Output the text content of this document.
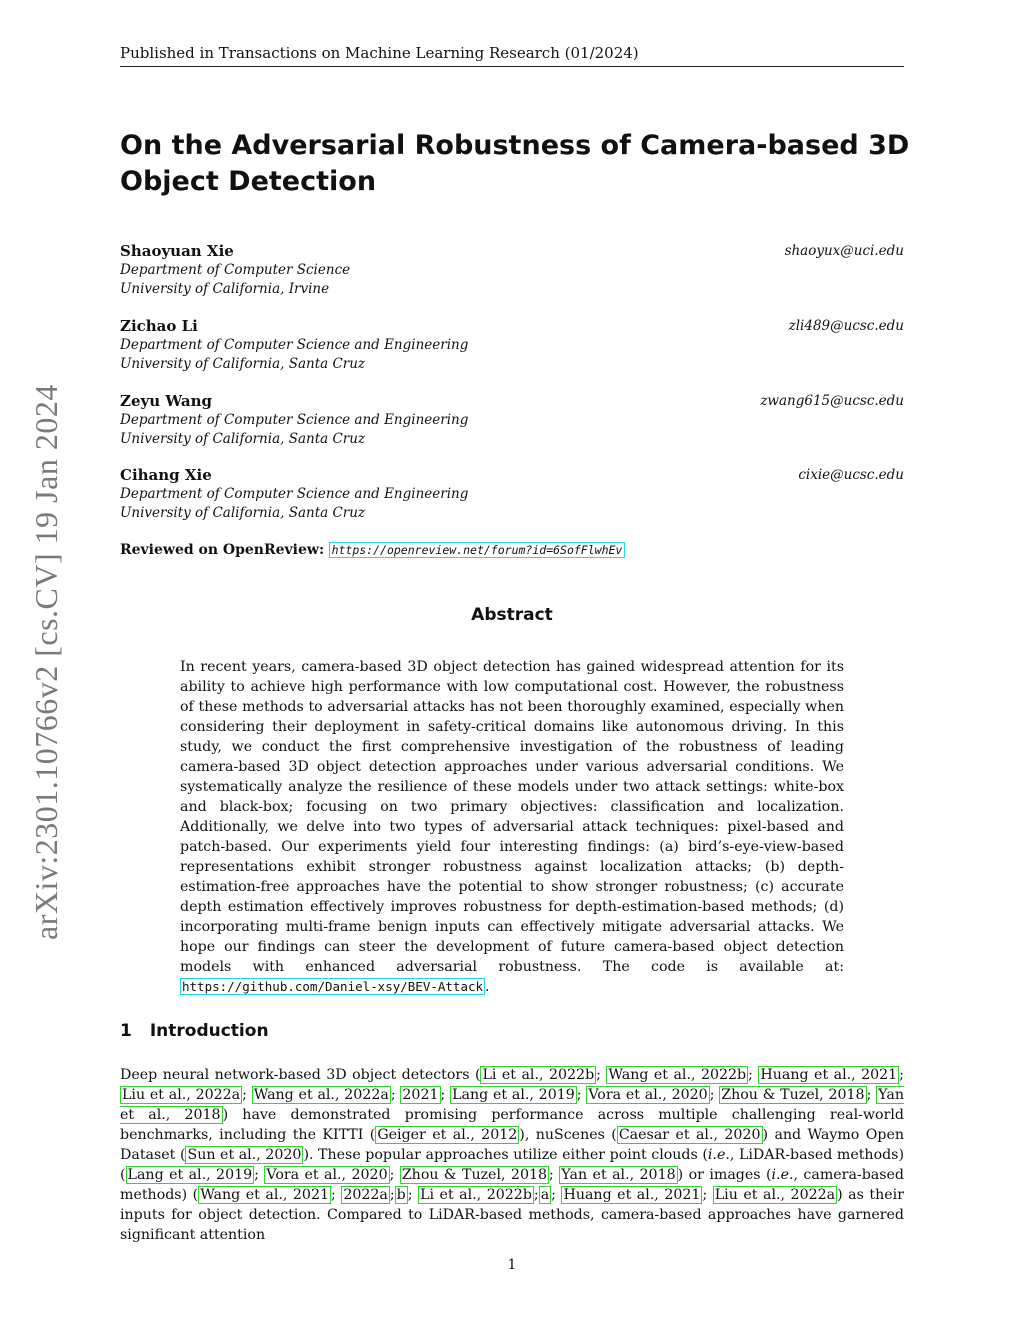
Published in Transactions on Machine Learning Research (01/2024)
arXiv:2301.10766v2 [cs.CV] 19 Jan 2024
On the Adversarial Robustness of Camera-based 3D Object Detection
Shaoyuan Xie	shaoyux@uci.edu
Department of Computer Science
University of California, Irvine
Zichao Li	zli489@ucsc.edu
Department of Computer Science and Engineering
University of California, Santa Cruz
Zeyu Wang	zwang615@ucsc.edu
Department of Computer Science and Engineering
University of California, Santa Cruz
Cihang Xie	cixie@ucsc.edu
Department of Computer Science and Engineering
University of California, Santa Cruz
Reviewed on OpenReview: https://openreview.net/forum?id=6SofFlwhEv
Abstract

In recent years, camera-based 3D object detection has gained widespread attention for its ability to achieve high performance with low computational cost. However, the robustness of these methods to adversarial attacks has not been thoroughly examined, especially when considering their deployment in safety-critical domains like autonomous driving. In this study, we conduct the first comprehensive investigation of the robustness of leading camera-based 3D object detection approaches under various adversarial conditions. We systematically analyze the resilience of these models under two attack settings: white-box and black-box; focusing on two primary objectives: classification and localization. Additionally, we delve into two types of adversarial attack techniques: pixel-based and patch-based. Our experiments yield four interesting findings: (a) bird’s-eye-view-based representations exhibit stronger robustness against localization attacks; (b) depth-estimation-free approaches have the potential to show stronger robustness; (c) accurate depth estimation effectively improves robustness for depth-estimation-based methods; (d) incorporating multi-frame benign inputs can effectively mitigate adversarial attacks. We hope our findings can steer the development of future camera-based object detection models with enhanced adversarial robustness. The code is available at: https://github.com/Daniel-xsy/BEV-Attack .

1 Introduction

Deep neural network-based 3D object detectors ( Li et al., 2022b ; Wang et al., 2022b ; Huang et al., 2021 ; Liu et al., 2022a ; Wang et al., 2022a ; 2021 ; Lang et al., 2019 ; Vora et al., 2020 ; Zhou & Tuzel, 2018 ; Yan et al., 2018 ) have demonstrated promising performance across multiple challenging real-world benchmarks, including the KITTI ( Geiger et al., 2012 ), nuScenes ( Caesar et al., 2020 ) and Waymo Open Dataset ( Sun et al., 2020 ). These popular approaches utilize either point clouds (i.e., LiDAR-based methods) ( Lang et al., 2019 ; Vora et al., 2020 ; Zhou & Tuzel, 2018 ; Yan et al., 2018 ) or images (i.e., camera-based methods) ( Wang et al., 2021 ; 2022a ; b ; Li et al., 2022b ; a ; Huang et al., 2021 ; Liu et al., 2022a ) as their inputs for object detection. Compared to LiDAR-based methods, camera-based approaches have garnered significant attention

1
